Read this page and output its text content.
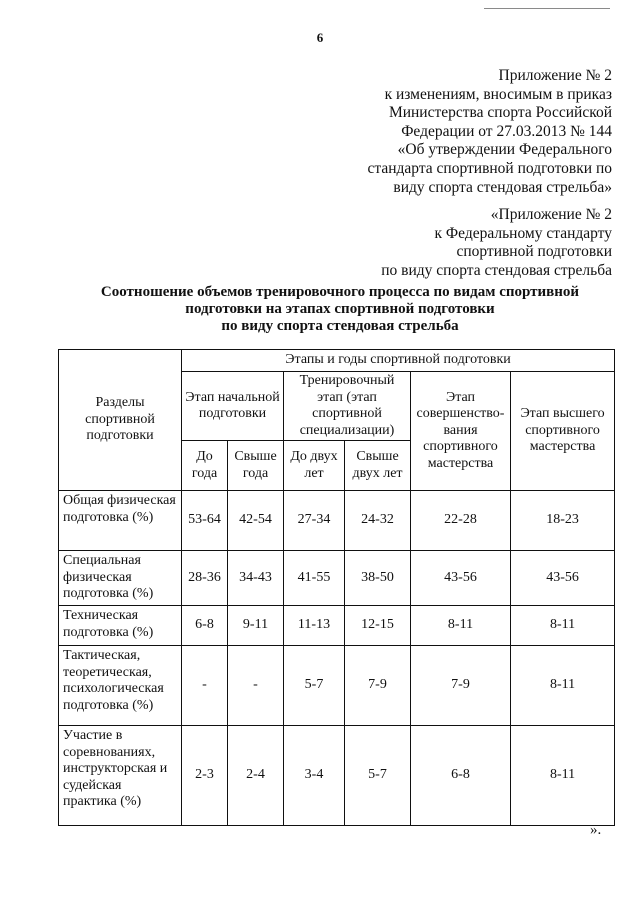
6
Приложение № 2
к изменениям, вносимым в приказ
Министерства спорта Российской
Федерации от 27.03.2013 № 144
«Об утверждении Федерального
стандарта спортивной подготовки по
виду спорта стендовая стрельба»
«Приложение № 2
к Федеральному стандарту
спортивной подготовки
по виду спорта стендовая стрельба
Соотношение объемов тренировочного процесса по видам спортивной
подготовки на этапах спортивной подготовки
по виду спорта стендовая стрельба
Разделы спортивной подготовки	Этапы и годы спортивной подготовки					
	Этап начальной подготовки		Тренировочный этап (этап спортивной специализации)		Этап совершенство-вания спортивного мастерства	Этап высшего спортивного мастерства
	До года	Свыше года	До двух лет	Свыше двух лет		
Общая физическая подготовка (%)	53-64	42-54	27-34	24-32	22-28	18-23
Специальная физическая подготовка (%)	28-36	34-43	41-55	38-50	43-56	43-56
Техническая подготовка (%)	6-8	9-11	11-13	12-15	8-11	8-11
Тактическая, теоретическая, психологическая подготовка (%)	-	-	5-7	7-9	7-9	8-11
Участие в соревнованиях, инструкторская и судейская практика (%)	2-3	2-4	3-4	5-7	6-8	8-11
».
